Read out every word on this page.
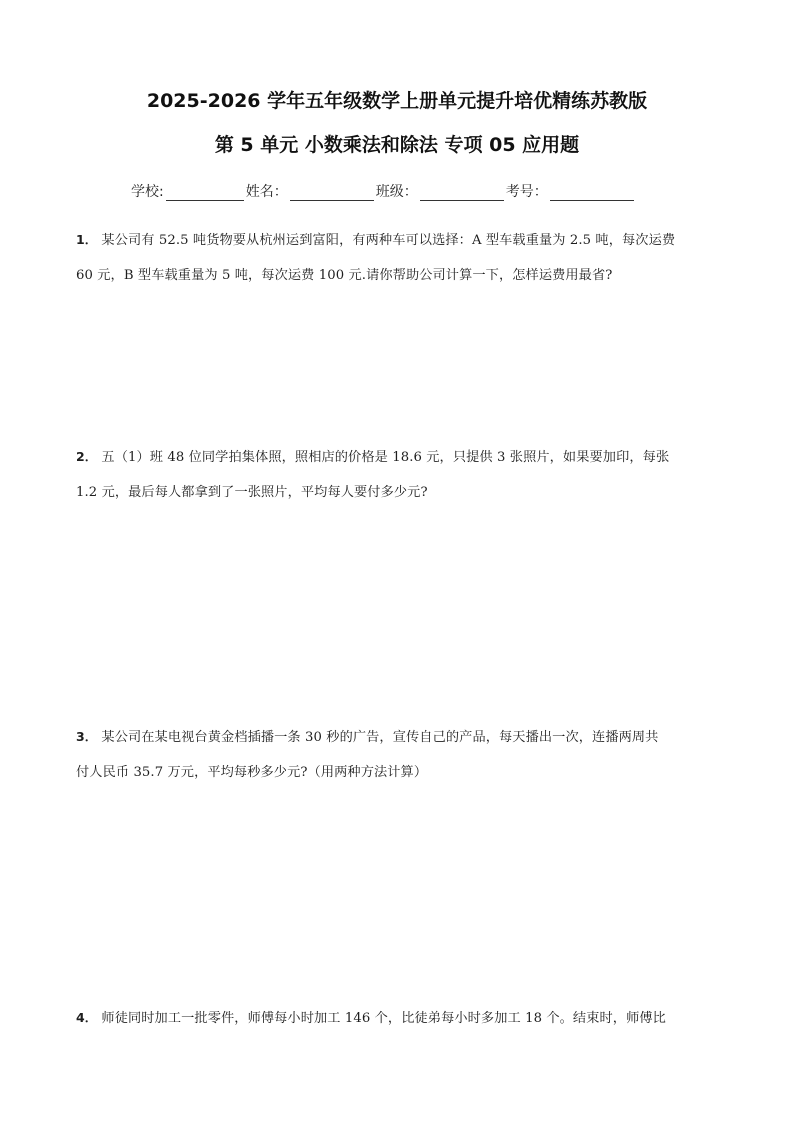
2025-2026 学年五年级数学上册单元提升培优精练苏教版
第 5 单元 小数乘法和除法 专项 05 应用题
学校:	姓名：	班级：	考号：
1． 某公司有 52.5 吨货物要从杭州运到富阳，有两种车可以选择：A 型车载重量为 2.5 吨，每次运费
60 元，B 型车载重量为 5 吨，每次运费 100 元.请你帮助公司计算一下，怎样运费用最省?
2． 五（1）班 48 位同学拍集体照，照相店的价格是 18.6 元，只提供 3 张照片，如果要加印，每张
1.2 元，最后每人都拿到了一张照片，平均每人要付多少元?
3． 某公司在某电视台黄金档插播一条 30 秒的广告，宣传自己的产品，每天播出一次，连播两周共
付人民币 35.7 万元，平均每秒多少元?（用两种方法计算）
4． 师徒同时加工一批零件，师傅每小时加工 146 个，比徒弟每小时多加工 18 个。结束时，师傅比
